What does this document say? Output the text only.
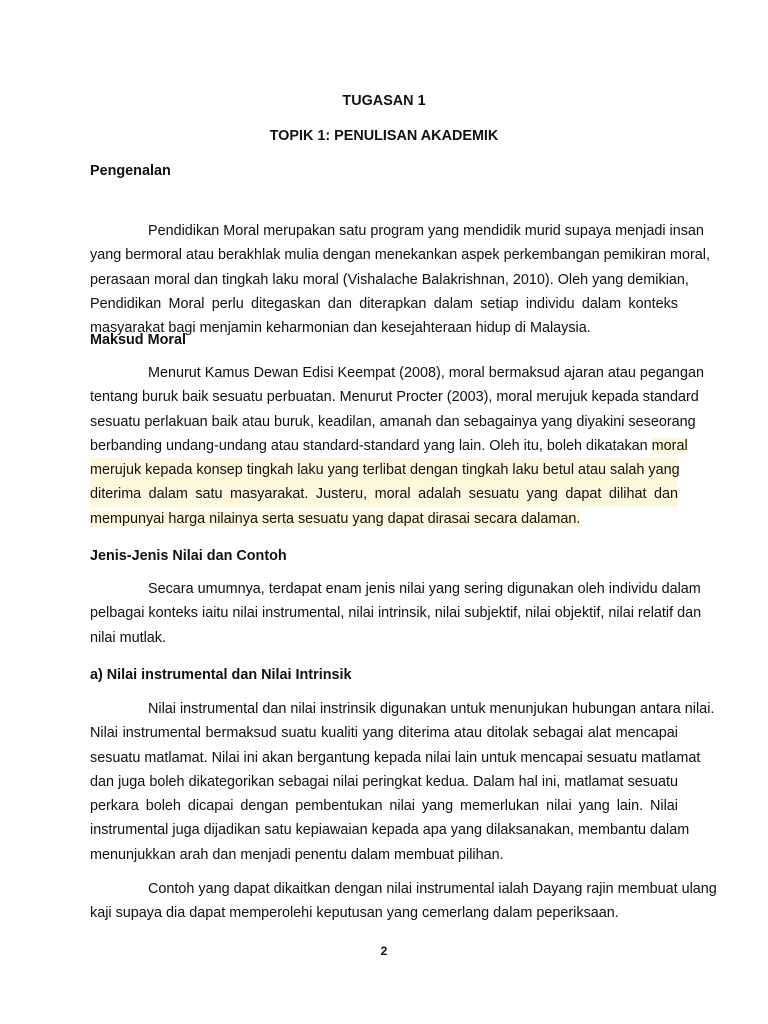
TUGASAN 1
TOPIK 1: PENULISAN AKADEMIK
Pengenalan
Pendidikan Moral merupakan satu program yang mendidik murid supaya menjadi insan
yang bermoral atau berakhlak mulia dengan menekankan aspek perkembangan pemikiran moral,
perasaan moral dan tingkah laku moral (Vishalache Balakrishnan, 2010). Oleh yang demikian,
Pendidikan Moral perlu ditegaskan dan diterapkan dalam setiap individu dalam konteks
masyarakat bagi menjamin keharmonian dan kesejahteraan hidup di Malaysia.
Maksud Moral
Menurut Kamus Dewan Edisi Keempat (2008), moral bermaksud ajaran atau pegangan
tentang buruk baik sesuatu perbuatan. Menurut Procter (2003), moral merujuk kepada standard
sesuatu perlakuan baik atau buruk, keadilan, amanah dan sebagainya yang diyakini seseorang
berbanding undang-undang atau standard-standard yang lain. Oleh itu, boleh dikatakan moral
merujuk kepada konsep tingkah laku yang terlibat dengan tingkah laku betul atau salah yang
diterima dalam satu masyarakat. Justeru, moral adalah sesuatu yang dapat dilihat dan
mempunyai harga nilainya serta sesuatu yang dapat dirasai secara dalaman.
Jenis-Jenis Nilai dan Contoh
Secara umumnya, terdapat enam jenis nilai yang sering digunakan oleh individu dalam
pelbagai konteks iaitu nilai instrumental, nilai intrinsik, nilai subjektif, nilai objektif, nilai relatif dan
nilai mutlak.
a) Nilai instrumental dan Nilai Intrinsik
Nilai instrumental dan nilai instrinsik digunakan untuk menunjukan hubungan antara nilai.
Nilai instrumental bermaksud suatu kualiti yang diterima atau ditolak sebagai alat mencapai
sesuatu matlamat. Nilai ini akan bergantung kepada nilai lain untuk mencapai sesuatu matlamat
dan juga boleh dikategorikan sebagai nilai peringkat kedua. Dalam hal ini, matlamat sesuatu
perkara boleh dicapai dengan pembentukan nilai yang memerlukan nilai yang lain. Nilai
instrumental juga dijadikan satu kepiawaian kepada apa yang dilaksanakan, membantu dalam
menunjukkan arah dan menjadi penentu dalam membuat pilihan.
Contoh yang dapat dikaitkan dengan nilai instrumental ialah Dayang rajin membuat ulang
kaji supaya dia dapat memperolehi keputusan yang cemerlang dalam peperiksaan.
2
